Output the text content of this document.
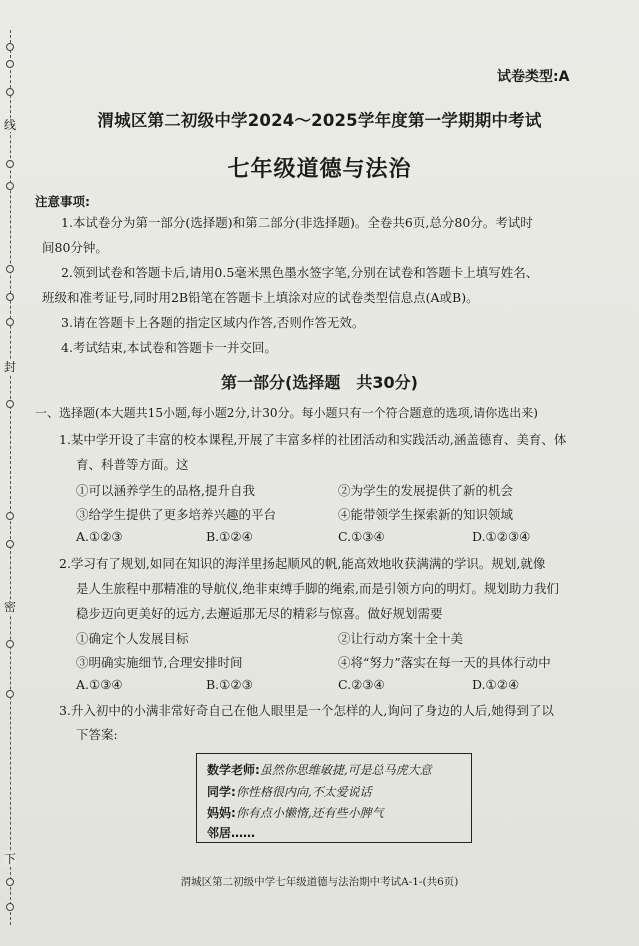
线
封
密
下
试卷类型:A
渭城区第二初级中学2024～2025学年度第一学期期中考试
七年级道德与法治
注意事项:
1.本试卷分为第一部分(选择题)和第二部分(非选择题)。全卷共6页,总分80分。考试时
间80分钟。
2.领到试卷和答题卡后,请用0.5毫米黑色墨水签字笔,分别在试卷和答题卡上填写姓名、
班级和准考证号,同时用2B铅笔在答题卡上填涂对应的试卷类型信息点(A或B)。
3.请在答题卡上各题的指定区域内作答,否则作答无效。
4.考试结束,本试卷和答题卡一并交回。
第一部分(选择题　共30分)
一、选择题(本大题共15小题,每小题2分,计30分。每小题只有一个符合题意的选项,请你选出来)
1.某中学开设了丰富的校本课程,开展了丰富多样的社团活动和实践活动,涵盖德育、美育、体
育、科普等方面。这
①可以涵养学生的品格,提升自我	②为学生的发展提供了新的机会
③给学生提供了更多培养兴趣的平台	④能带领学生探索新的知识领域
A.①②③	B.①②④	C.①③④	D.①②③④
2.学习有了规划,如同在知识的海洋里扬起顺风的帆,能高效地收获满满的学识。规划,就像
是人生旅程中那精准的导航仪,绝非束缚手脚的绳索,而是引领方向的明灯。规划助力我们
稳步迈向更美好的远方,去邂逅那无尽的精彩与惊喜。做好规划需要
①确定个人发展目标	②让行动方案十全十美
③明确实施细节,合理安排时间	④将“努力”落实在每一天的具体行动中
A.①③④	B.①②③	C.②③④	D.①②④
3.升入初中的小满非常好奇自己在他人眼里是一个怎样的人,询问了身边的人后,她得到了以
下答案:
数学老师:虽然你思维敏捷,可是总马虎大意
同学:你性格很内向,不太爱说话
妈妈:你有点小懒惰,还有些小脾气
邻居……
渭城区第二初级中学七年级道德与法治期中考试A-1-(共6页)
